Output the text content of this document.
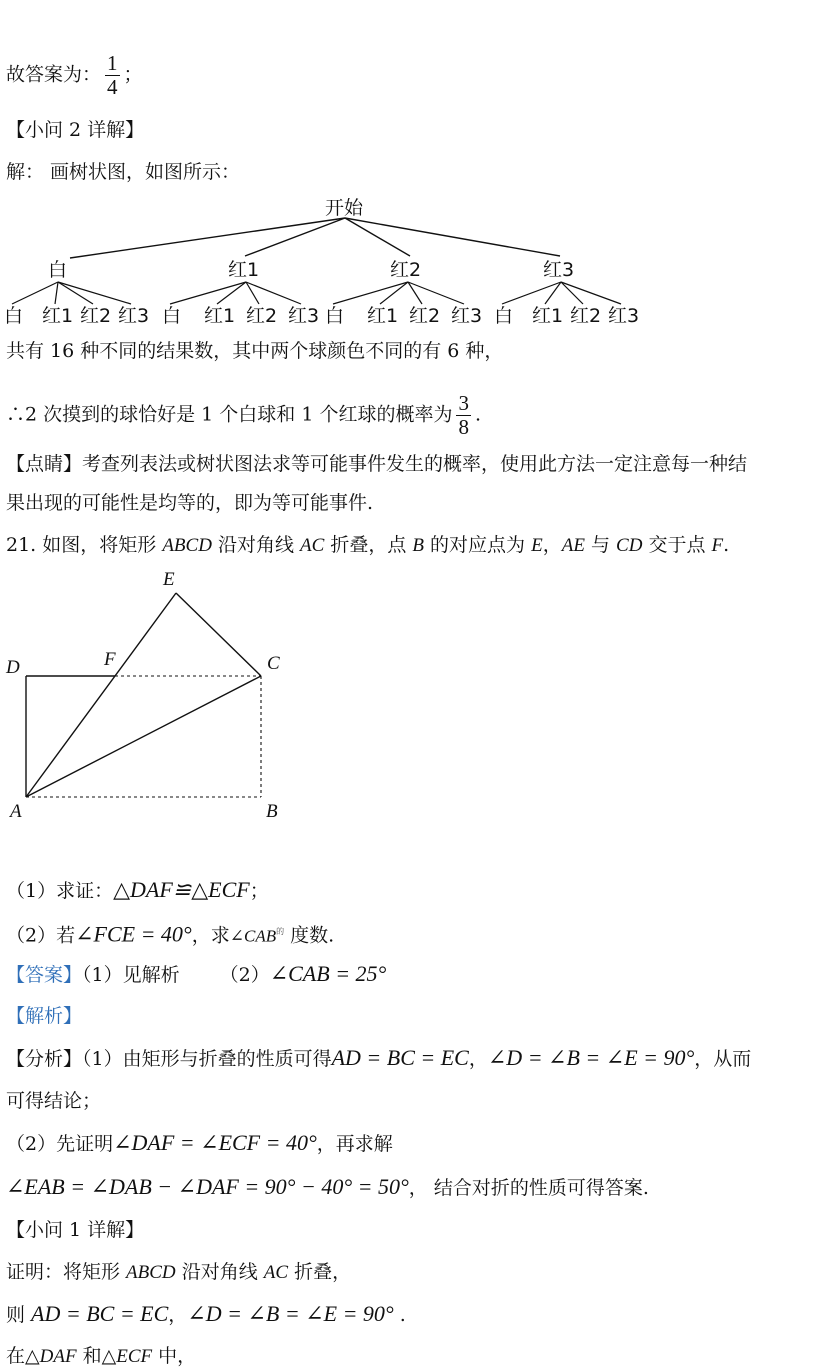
故答案为： $\frac{1}{4}$ ；
【小问 2 详解】
解： 画树状图，如图所示：
开始
白	红1	红2	红3
白 红1 红2 红3 白 红1 红2 红3 白 红1 红2 红3 白 红1 红2 红3
共有 16 种不同的结果数，其中两个球颜色不同的有 6 种，
∴2 次摸到的球恰好是 1 个白球和 1 个红球的概率为 $\frac{3}{8}$ .
【点睛】考查列表法或树状图法求等可能事件发生的概率，使用此方法一定注意每一种结
果出现的可能性是均等的，即为等可能事件.
21. 如图，将矩形 ABCD 沿对角线 AC 折叠，点 B 的对应点为 E，AE 与 CD 交于点 F.
E
D	F	C
A	B
（1）求证：△DAF≌△ECF；
（2）若∠FCE = 40°，求$\angle CAB^的$ 度数.
【答案】（1）见解析 （2）∠CAB = 25°
【解析】
【分析】（1）由矩形与折叠的性质可得AD = BC = EC，∠D = ∠B = ∠E = 90°，从而
可得结论；
（2）先证明∠DAF = ∠ECF = 40°，再求解
∠EAB = ∠DAB − ∠DAF = 90° − 40° = 50°， 结合对折的性质可得答案.
【小问 1 详解】
证明：将矩形 ABCD 沿对角线 AC 折叠，
则 AD = BC = EC，∠D = ∠B = ∠E = 90° .
在△DAF 和△ECF 中，
